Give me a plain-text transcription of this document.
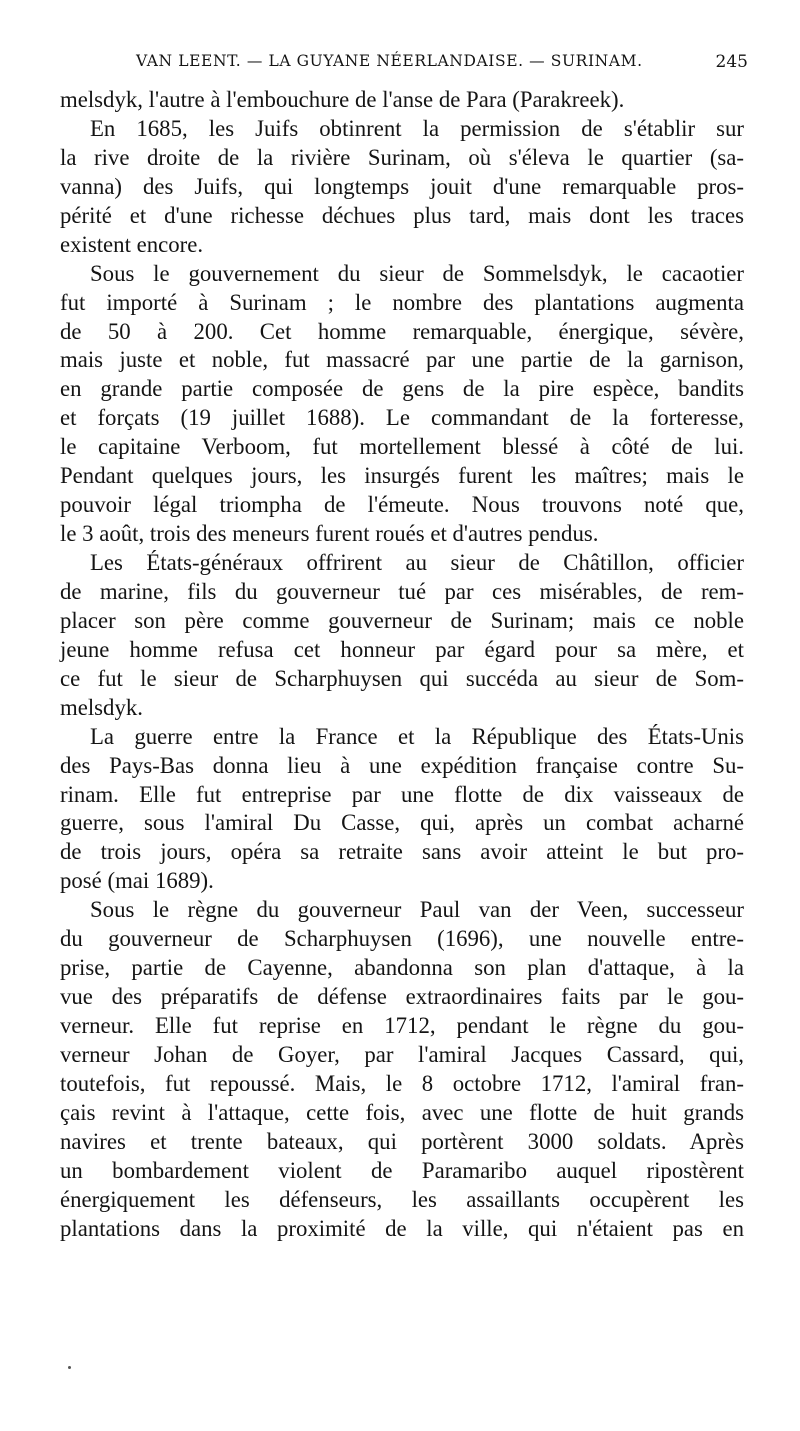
VAN LEENT. — LA GUYANE NÉERLANDAISE. — SURINAM.	245
melsdyk, l'autre à l'embouchure de l'anse de Para (Parakreek).
En 1685, les Juifs obtinrent la permission de s'établir sur
la rive droite de la rivière Surinam, où s'éleva le quartier (sa-
vanna) des Juifs, qui longtemps jouit d'une remarquable pros-
périté et d'une richesse déchues plus tard, mais dont les traces
existent encore.
Sous le gouvernement du sieur de Sommelsdyk, le cacaotier
fut importé à Surinam ; le nombre des plantations augmenta
de 50 à 200. Cet homme remarquable, énergique, sévère,
mais juste et noble, fut massacré par une partie de la garnison,
en grande partie composée de gens de la pire espèce, bandits
et forçats (19 juillet 1688). Le commandant de la forteresse,
le capitaine Verboom, fut mortellement blessé à côté de lui.
Pendant quelques jours, les insurgés furent les maîtres; mais le
pouvoir légal triompha de l'émeute. Nous trouvons noté que,
le 3 août, trois des meneurs furent roués et d'autres pendus.
Les États-généraux offrirent au sieur de Châtillon, officier
de marine, fils du gouverneur tué par ces misérables, de rem-
placer son père comme gouverneur de Surinam; mais ce noble
jeune homme refusa cet honneur par égard pour sa mère, et
ce fut le sieur de Scharphuysen qui succéda au sieur de Som-
melsdyk.
La guerre entre la France et la République des États-Unis
des Pays-Bas donna lieu à une expédition française contre Su-
rinam. Elle fut entreprise par une flotte de dix vaisseaux de
guerre, sous l'amiral Du Casse, qui, après un combat acharné
de trois jours, opéra sa retraite sans avoir atteint le but pro-
posé (mai 1689).
Sous le règne du gouverneur Paul van der Veen, successeur
du gouverneur de Scharphuysen (1696), une nouvelle entre-
prise, partie de Cayenne, abandonna son plan d'attaque, à la
vue des préparatifs de défense extraordinaires faits par le gou-
verneur. Elle fut reprise en 1712, pendant le règne du gou-
verneur Johan de Goyer, par l'amiral Jacques Cassard, qui,
toutefois, fut repoussé. Mais, le 8 octobre 1712, l'amiral fran-
çais revint à l'attaque, cette fois, avec une flotte de huit grands
navires et trente bateaux, qui portèrent 3000 soldats. Après
un bombardement violent de Paramaribo auquel ripostèrent
énergiquement les défenseurs, les assaillants occupèrent les
plantations dans la proximité de la ville, qui n'étaient pas en
